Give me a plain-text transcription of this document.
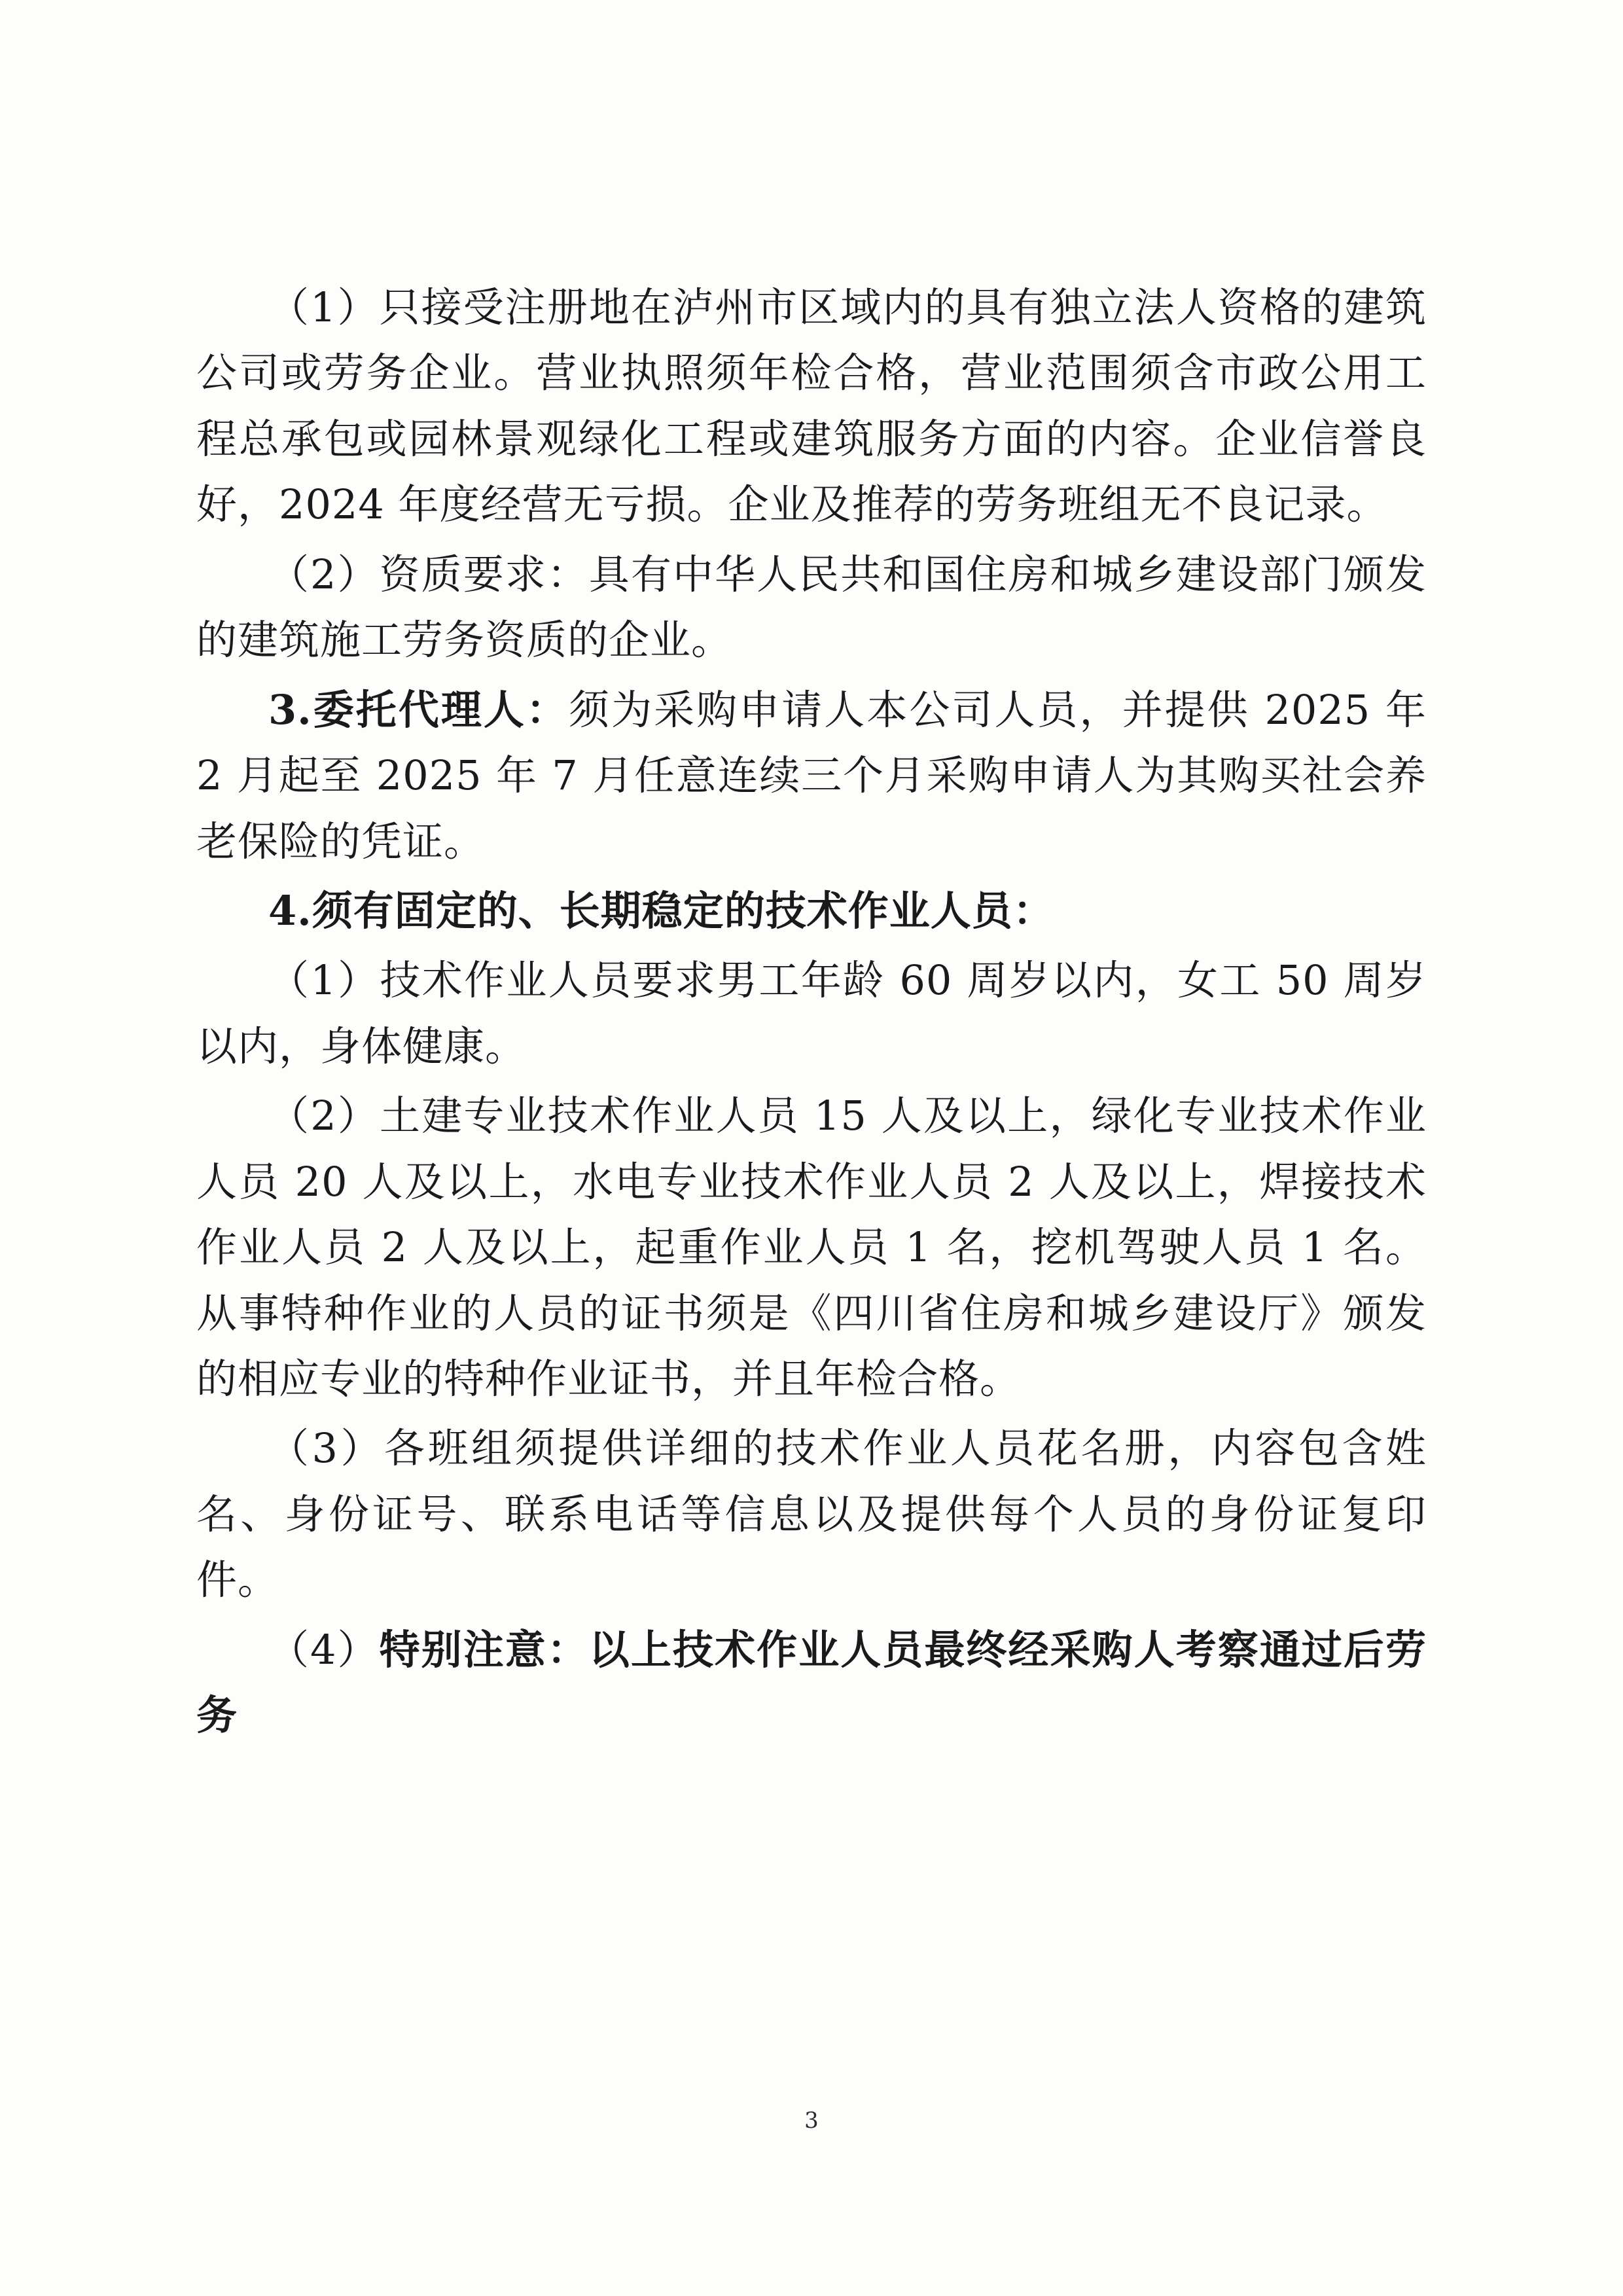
（1）只接受注册地在泸州市区域内的具有独立法人资格的建筑公司或劳务企业。营业执照须年检合格，营业范围须含市政公用工程总承包或园林景观绿化工程或建筑服务方面的内容。企业信誉良好，2024 年度经营无亏损。企业及推荐的劳务班组无不良记录。

（2）资质要求：具有中华人民共和国住房和城乡建设部门颁发的建筑施工劳务资质的企业。

3.委托代理人：须为采购申请人本公司人员，并提供 2025 年 2 月起至 2025 年 7 月任意连续三个月采购申请人为其购买社会养老保险的凭证。

4.须有固定的、长期稳定的技术作业人员：

（1）技术作业人员要求男工年龄 60 周岁以内，女工 50 周岁以内，身体健康。

（2）土建专业技术作业人员 15 人及以上，绿化专业技术作业人员 20 人及以上，水电专业技术作业人员 2 人及以上，焊接技术作业人员 2 人及以上，起重作业人员 1 名，挖机驾驶人员 1 名。从事特种作业的人员的证书须是《四川省住房和城乡建设厅》颁发的相应专业的特种作业证书，并且年检合格。

（3）各班组须提供详细的技术作业人员花名册，内容包含姓名、身份证号、联系电话等信息以及提供每个人员的身份证复印件。

（4）特别注意：以上技术作业人员最终经采购人考察通过后劳务

3
